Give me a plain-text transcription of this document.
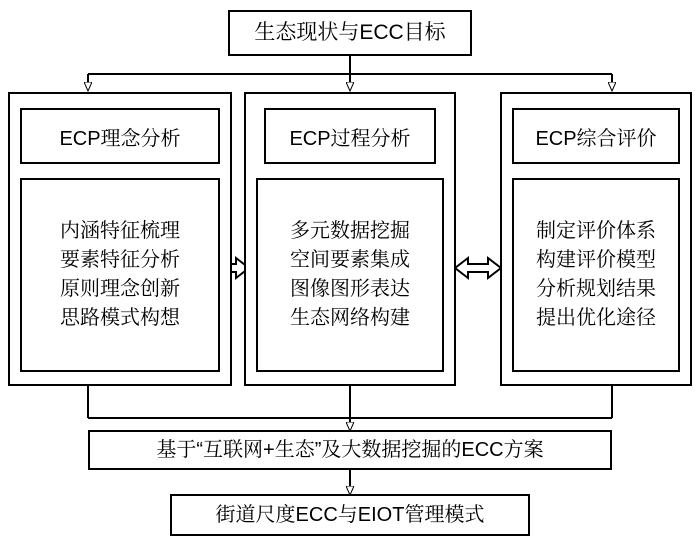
生态现状与ECC目标
ECP理念分析
内涵特征梳理
要素特征分析
原则理念创新
思路模式构想
ECP过程分析
多元数据挖掘
空间要素集成
图像图形表达
生态网络构建
ECP综合评价
制定评价体系
构建评价模型
分析规划结果
提出优化途径
基于“互联网+生态”及大数据挖掘的ECC方案
街道尺度ECC与EIOT管理模式
